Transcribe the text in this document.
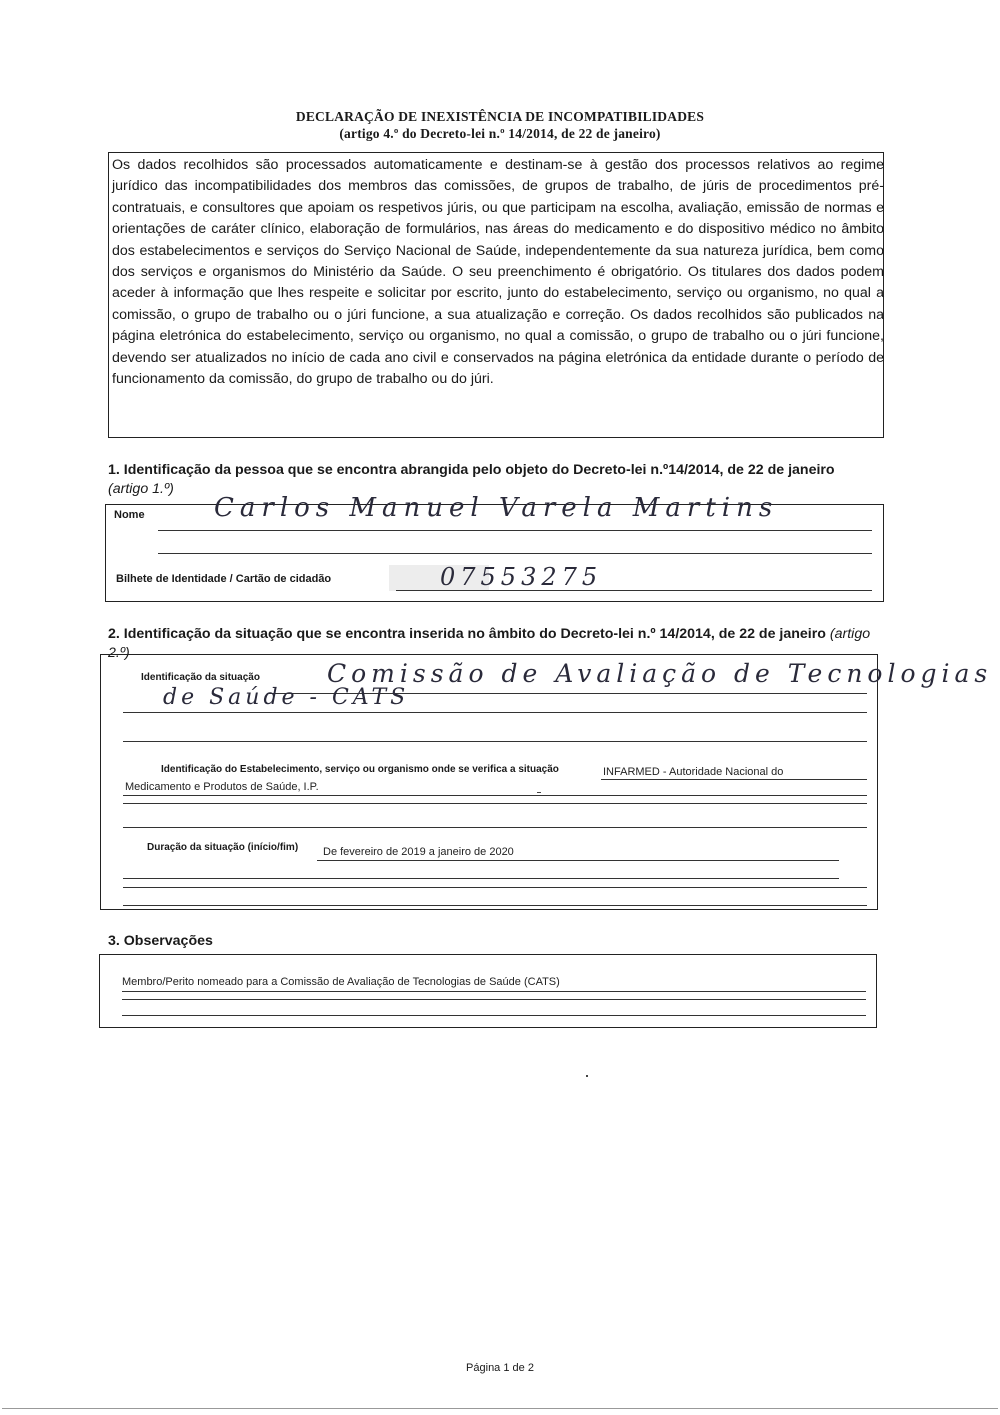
DECLARAÇÃO DE INEXISTÊNCIA DE INCOMPATIBILIDADES
(artigo 4.º do Decreto-lei n.º 14/2014, de 22 de janeiro)
Os dados recolhidos são processados automaticamente e destinam-se à gestão dos processos relativos ao regime jurídico das incompatibilidades dos membros das comissões, de grupos de trabalho, de júris de procedimentos pré-contratuais, e consultores que apoiam os respetivos júris, ou que participam na escolha, avaliação, emissão de normas e orientações de caráter clínico, elaboração de formulários, nas áreas do medicamento e do dispositivo médico no âmbito dos estabelecimentos e serviços do Serviço Nacional de Saúde, independentemente da sua natureza jurídica, bem como dos serviços e organismos do Ministério da Saúde. O seu preenchimento é obrigatório. Os titulares dos dados podem aceder à informação que lhes respeite e solicitar por escrito, junto do estabelecimento, serviço ou organismo, no qual a comissão, o grupo de trabalho ou o júri funcione, a sua atualização e correção. Os dados recolhidos são publicados na página eletrónica do estabelecimento, serviço ou organismo, no qual a comissão, o grupo de trabalho ou o júri funcione, devendo ser atualizados no início de cada ano civil e conservados na página eletrónica da entidade durante o período de funcionamento da comissão, do grupo de trabalho ou do júri.
1. Identificação da pessoa que se encontra abrangida pelo objeto do Decreto-lei n.º14/2014, de 22 de janeiro
(artigo 1.º)
Nome	Carlos Manuel Varela Martins
Bilhete de Identidade / Cartão de cidadão	07553275
2. Identificação da situação que se encontra inserida no âmbito do Decreto-lei n.º 14/2014, de 22 de janeiro (artigo 2.º)
Identificação da situação	Comissão de Avaliação de Tecnologias
de Saúde - CATS
Identificação do Estabelecimento, serviço ou organismo onde se verifica a situação	INFARMED - Autoridade Nacional do
Medicamento e Produtos de Saúde, I.P.
Duração da situação (início/fim) De fevereiro de 2019 a janeiro de 2020
3. Observações
Membro/Perito nomeado para a Comissão de Avaliação de Tecnologias de Saúde (CATS)
Página 1 de 2
